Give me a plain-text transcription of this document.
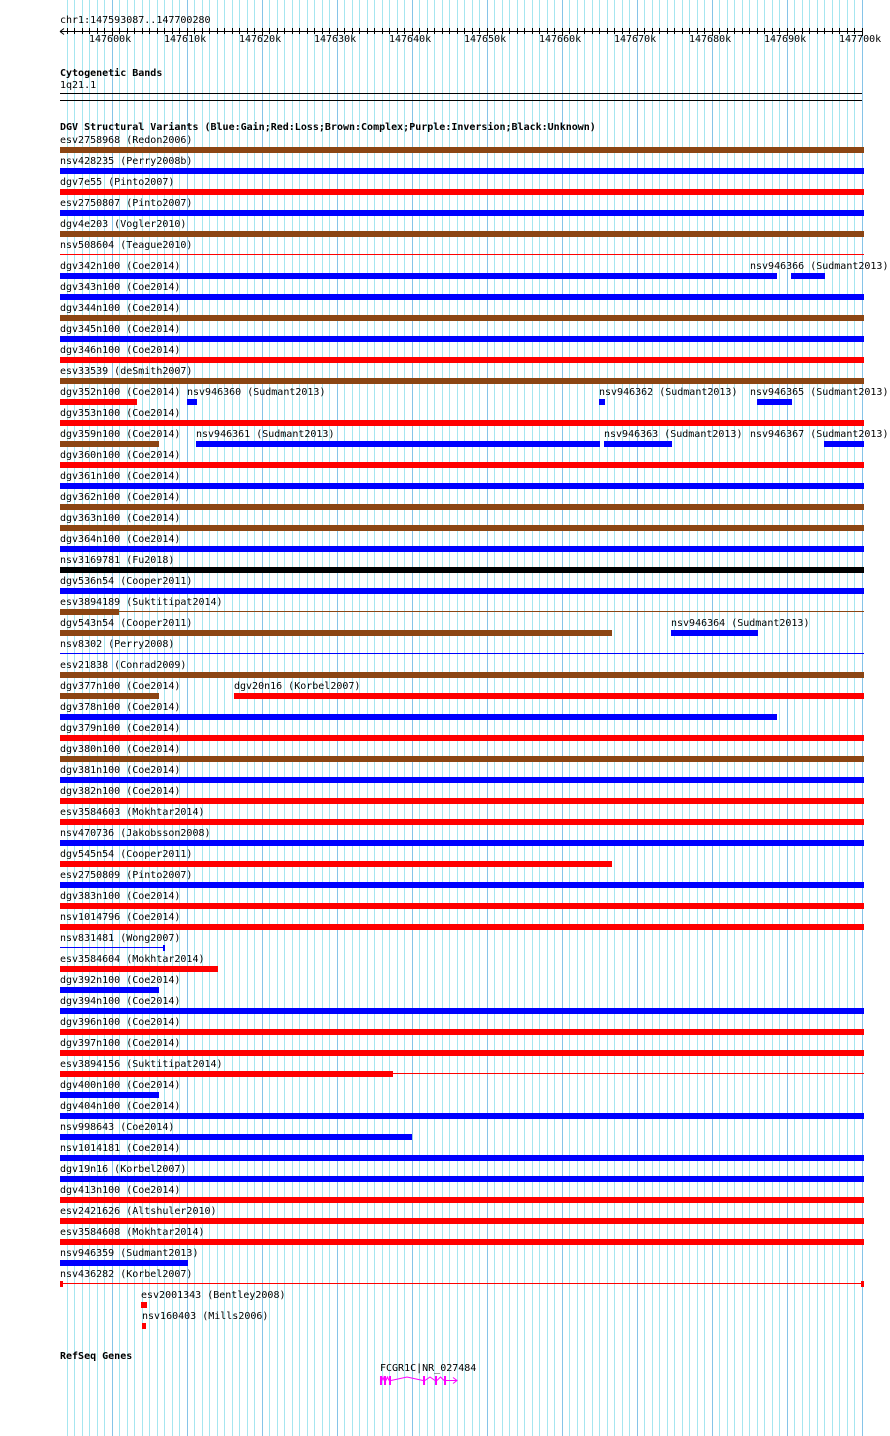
chr1:147593087..147700280
147600k	147610k	147620k	147630k	147640k	147650k	147660k	147670k	147680k	147690k	147700k
Cytogenetic Bands
1q21.1
DGV Structural Variants (Blue:Gain;Red:Loss;Brown:Complex;Purple:Inversion;Black:Unknown)
esv2758968 (Redon2006)
nsv428235 (Perry2008b)
dgv7e55 (Pinto2007)
esv2750807 (Pinto2007)
dgv4e203 (Vogler2010)
nsv508604 (Teague2010)
dgv342n100 (Coe2014)	nsv946366 (Sudmant2013)
dgv343n100 (Coe2014)
dgv344n100 (Coe2014)
dgv345n100 (Coe2014)
dgv346n100 (Coe2014)
esv33539 (deSmith2007)
dgv352n100 (Coe2014) nsv946360 (Sudmant2013)	nsv946362 (Sudmant2013) nsv946365 (Sudmant2013)
dgv353n100 (Coe2014)
dgv359n100 (Coe2014) nsv946361 (Sudmant2013)	nsv946363 (Sudmant2013) nsv946367 (Sudmant2013)
dgv360n100 (Coe2014)
dgv361n100 (Coe2014)
dgv362n100 (Coe2014)
dgv363n100 (Coe2014)
dgv364n100 (Coe2014)
nsv3169781 (Fu2018)
dgv536n54 (Cooper2011)
esv3894189 (Suktitipat2014)
dgv543n54 (Cooper2011)	nsv946364 (Sudmant2013)
nsv8302 (Perry2008)
esv21838 (Conrad2009)
dgv377n100 (Coe2014)	dgv20n16 (Korbel2007)
dgv378n100 (Coe2014)
dgv379n100 (Coe2014)
dgv380n100 (Coe2014)
dgv381n100 (Coe2014)
dgv382n100 (Coe2014)
esv3584603 (Mokhtar2014)
nsv470736 (Jakobsson2008)
dgv545n54 (Cooper2011)
esv2750809 (Pinto2007)
dgv383n100 (Coe2014)
nsv1014796 (Coe2014)
nsv831481 (Wong2007)
esv3584604 (Mokhtar2014)
dgv392n100 (Coe2014)
dgv394n100 (Coe2014)
dgv396n100 (Coe2014)
dgv397n100 (Coe2014)
esv3894156 (Suktitipat2014)
dgv400n100 (Coe2014)
dgv404n100 (Coe2014)
nsv998643 (Coe2014)
nsv1014181 (Coe2014)
dgv19n16 (Korbel2007)
dgv413n100 (Coe2014)
esv2421626 (Altshuler2010)
esv3584608 (Mokhtar2014)
nsv946359 (Sudmant2013)
nsv436282 (Korbel2007)
esv2001343 (Bentley2008)
nsv160403 (Mills2006)
RefSeq Genes
FCGR1C|NR_027484
